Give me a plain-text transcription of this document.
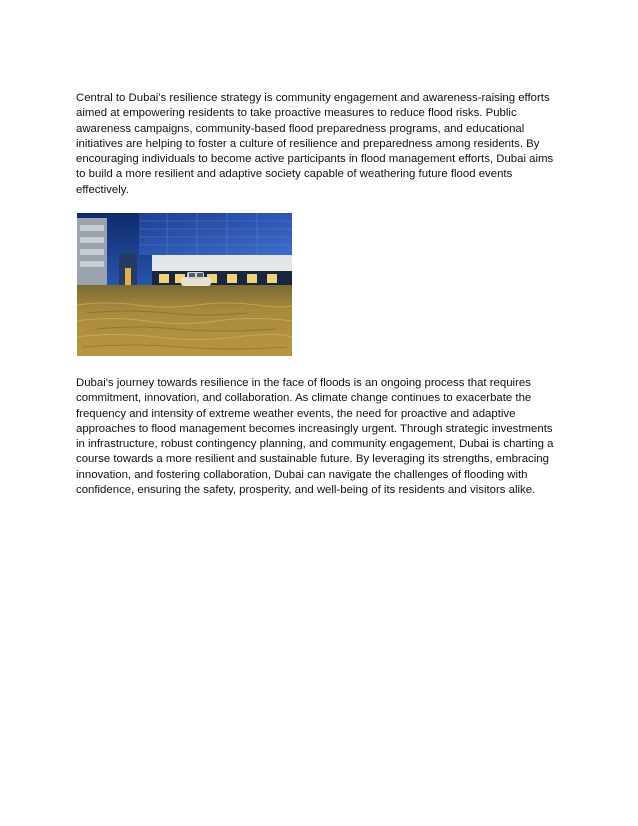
Central to Dubai's resilience strategy is community engagement and awareness-raising efforts
aimed at empowering residents to take proactive measures to reduce flood risks. Public
awareness campaigns, community-based flood preparedness programs, and educational
initiatives are helping to foster a culture of resilience and preparedness among residents. By
encouraging individuals to become active participants in flood management efforts, Dubai aims
to build a more resilient and adaptive society capable of weathering future flood events
effectively.

Dubai's journey towards resilience in the face of floods is an ongoing process that requires
commitment, innovation, and collaboration. As climate change continues to exacerbate the
frequency and intensity of extreme weather events, the need for proactive and adaptive
approaches to flood management becomes increasingly urgent. Through strategic investments
in infrastructure, robust contingency planning, and community engagement, Dubai is charting a
course towards a more resilient and sustainable future. By leveraging its strengths, embracing
innovation, and fostering collaboration, Dubai can navigate the challenges of flooding with
confidence, ensuring the safety, prosperity, and well-being of its residents and visitors alike.
